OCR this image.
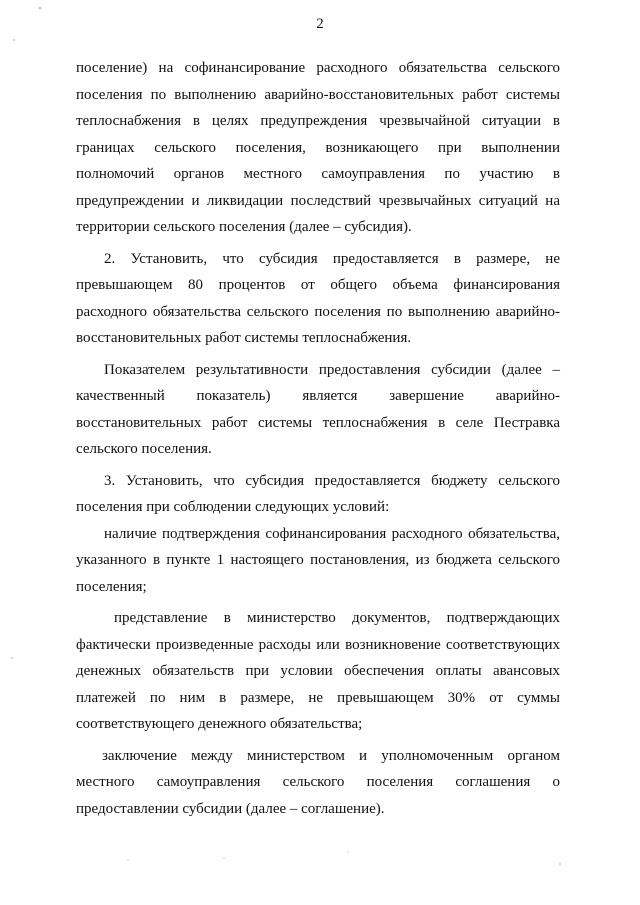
2
поселение) на софинансирование расходного обязательства сельского
поселения по выполнению аварийно-восстановительных работ системы
теплоснабжения в целях предупреждения чрезвычайной ситуации в
границах сельского поселения, возникающего при выполнении
полномочий органов местного самоуправления по участию в
предупреждении и ликвидации последствий чрезвычайных ситуаций на
территории сельского поселения (далее – субсидия).
2. Установить, что субсидия предоставляется в размере, не
превышающем 80 процентов от общего объема финансирования
расходного обязательства сельского поселения по выполнению аварийно-
восстановительных работ системы теплоснабжения.
Показателем результативности предоставления субсидии (далее –
качественный показатель) является завершение аварийно-
восстановительных работ системы теплоснабжения в селе Пестравка
сельского поселения.
3. Установить, что субсидия предоставляется бюджету сельского
поселения при соблюдении следующих условий:
наличие подтверждения софинансирования расходного обязательства,
указанного в пункте 1 настоящего постановления, из бюджета сельского
поселения;
представление в министерство документов, подтверждающих
фактически произведенные расходы или возникновение соответствующих
денежных обязательств при условии обеспечения оплаты авансовых
платежей по ним в размере, не превышающем 30% от суммы
соответствующего денежного обязательства;
заключение между министерством и уполномоченным органом
местного самоуправления сельского поселения соглашения о
предоставлении субсидии (далее – соглашение).
